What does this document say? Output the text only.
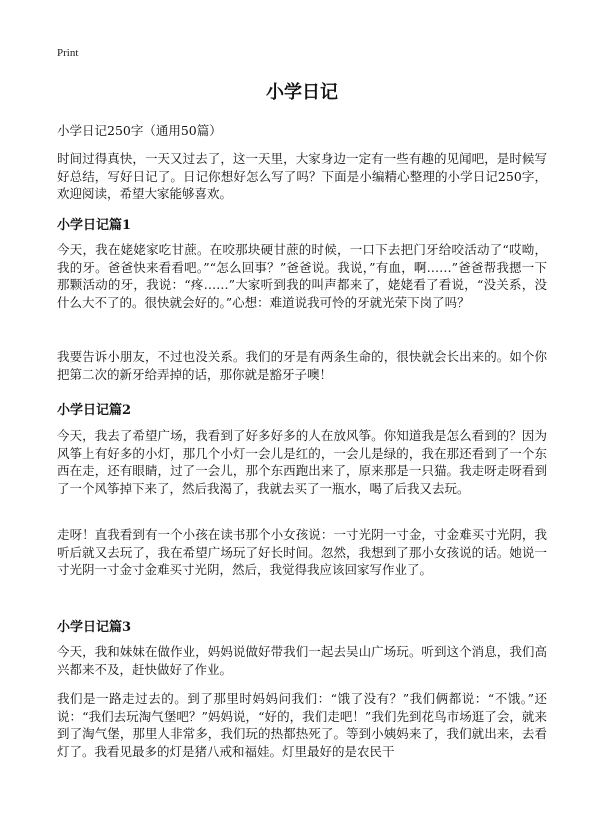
Print
小学日记

小学日记250字（通用50篇）

时间过得真快，一天又过去了，这一天里，大家身边一定有一些有趣的见闻吧，是时候写好总结，写好日记了。日记你想好怎么写了吗？下面是小编精心整理的小学日记250字，欢迎阅读，希望大家能够喜欢。

小学日记篇1

今天，我在姥姥家吃甘蔗。在咬那块硬甘蔗的时候，一口下去把门牙给咬活动了“哎呦，我的牙。爸爸快来看看吧。”“怎么回事？”爸爸说。我说，”有血，啊……”爸爸帮我摁一下那颗活动的牙，我说：“疼……”大家听到我的叫声都来了，姥姥看了看说，“没关系，没什么大不了的。很快就会好的。”心想：难道说我可怜的牙就光荣下岗了吗？

我要告诉小朋友，不过也没关系。我们的牙是有两条生命的，很快就会长出来的。如个你把第二次的新牙给弄掉的话，那你就是豁牙子噢！

小学日记篇2

今天，我去了希望广场，我看到了好多好多的人在放风筝。你知道我是怎么看到的？因为风筝上有好多的小灯，那几个小灯一会儿是红的，一会儿是绿的，我在那还看到了一个东西在走，还有眼睛，过了一会儿，那个东西跑出来了，原来那是一只猫。我走呀走呀看到了一个风筝掉下来了，然后我渴了，我就去买了一瓶水，喝了后我又去玩。

走呀！直我看到有一个小孩在读书那个小女孩说：一寸光阴一寸金，寸金难买寸光阴，我听后就又去玩了，我在希望广场玩了好长时间。忽然，我想到了那小女孩说的话。她说一寸光阴一寸金寸金难买寸光阴，然后，我觉得我应该回家写作业了。

小学日记篇3

今天，我和妹妹在做作业，妈妈说做好带我们一起去吴山广场玩。听到这个消息，我们高兴都来不及，赶快做好了作业。

我们是一路走过去的。到了那里时妈妈问我们：“饿了没有？”我们俩都说：“不饿。”还说：“我们去玩淘气堡吧？”妈妈说，“好的，我们走吧！”我们先到花鸟市场逛了会，就来到了淘气堡，那里人非常多，我们玩的热都热死了。等到小姨妈来了，我们就出来，去看灯了。我看见最多的灯是猪八戒和福娃。灯里最好的是农民干
